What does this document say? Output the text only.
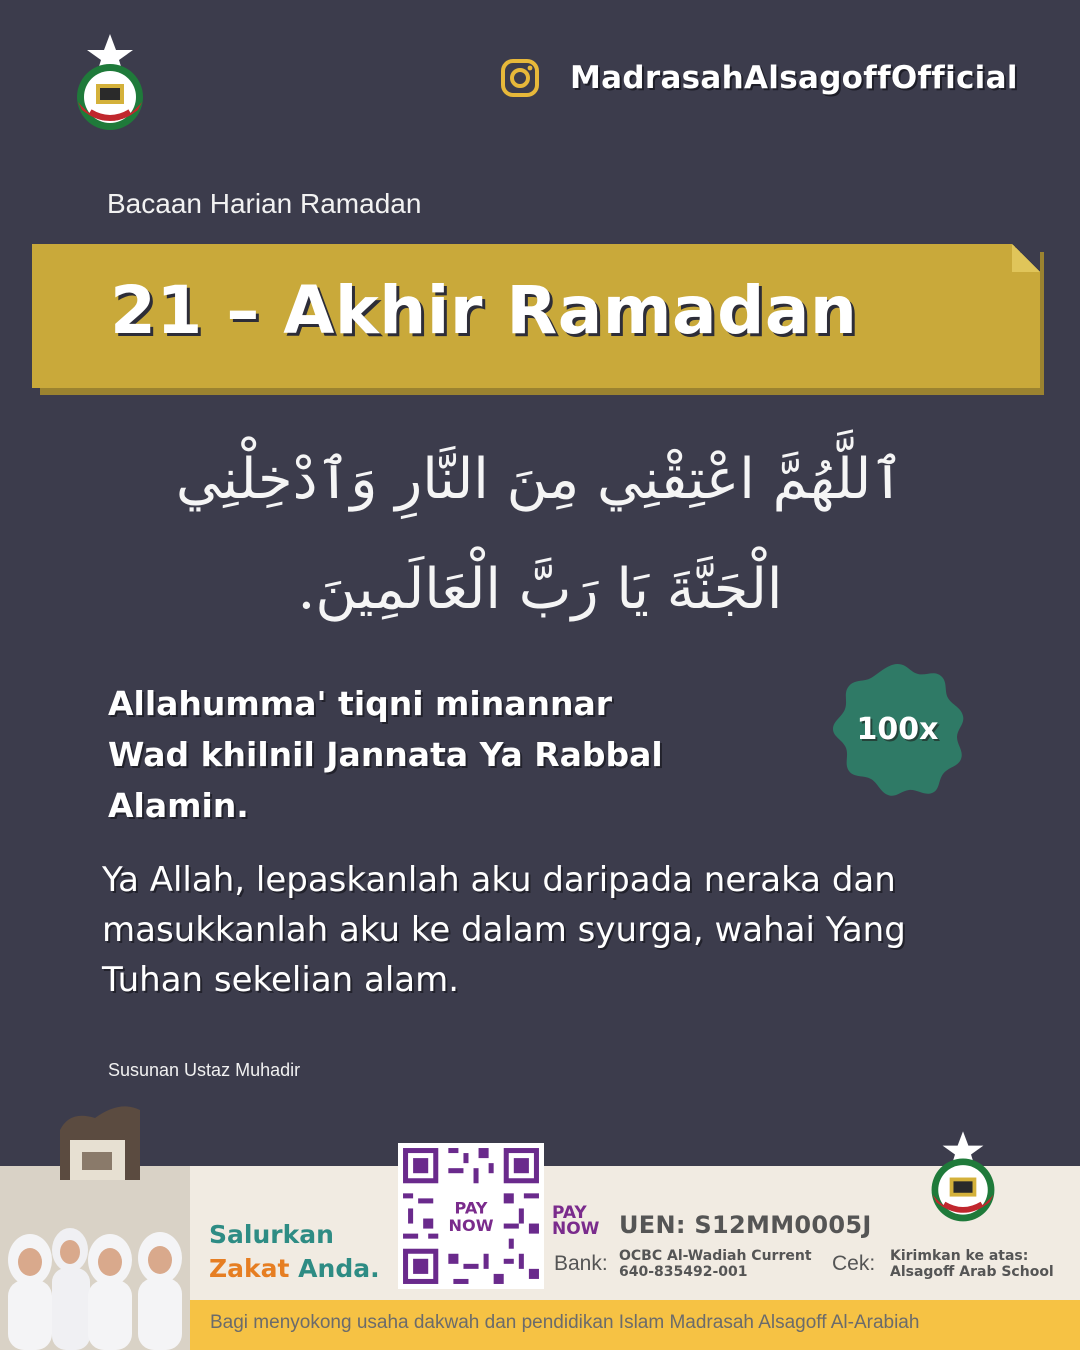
MadrasahAlsagoffOfficial
Bacaan Harian Ramadan
21 – Akhir Ramadan
ٱللَّهُمَّ اعْتِقْنِي مِنَ النَّارِ وَٱدْخِلْنِي
الْجَنَّةَ يَا رَبَّ الْعَالَمِينَ.
Allahumma' tiqni minannar
Wad khilnil Jannata Ya Rabbal
Alamin.
100x
Ya Allah, lepaskanlah aku daripada neraka dan
masukkanlah aku ke dalam syurga, wahai Yang
Tuhan sekelian alam.
Susunan Ustaz Muhadir
Salurkan
Zakat Anda.
PAY
NOW
PAY
NOW UEN: S12MM0005J
Bank: OCBC Al-Wadiah Current
640-835492-001	Cek: Kirimkan ke atas:
Alsagoff Arab School
Bagi menyokong usaha dakwah dan pendidikan Islam Madrasah Alsagoff Al-Arabiah
